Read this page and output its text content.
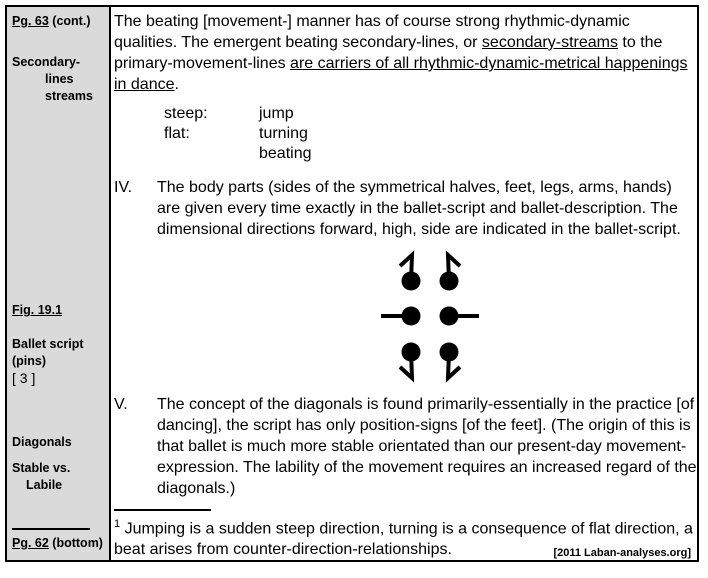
Pg. 63 (cont.)
Secondary-
lines
streams
Fig. 19.1
Ballet script
(pins)
[ 3 ]
Diagonals
Stable vs.
Labile
Pg. 62 (bottom)
The beating [movement-] manner has of course strong rhythmic-dynamic qualities. The emergent beating secondary-lines, or secondary-streams to the primary-movement-lines are carriers of all rhythmic-dynamic-metrical happenings in dance.
steep:	jump
flat:	turning
beating
IV.	The body parts (sides of the symmetrical halves, feet, legs, arms, hands) are given every time exactly in the ballet-script and ballet-description. The dimensional directions forward, high, side are indicated in the ballet-script.
V.	The concept of the diagonals is found primarily-essentially in the practice [of dancing], the script has only position-signs [of the feet]. (The origin of this is that ballet is much more stable orientated than our present-day movement-expression. The lability of the movement requires an increased regard of the diagonals.)
$^1$ Jumping is a sudden steep direction, turning is a consequence of flat direction, a beat arises from counter-direction-relationships.	[2011 Laban-analyses.org]
